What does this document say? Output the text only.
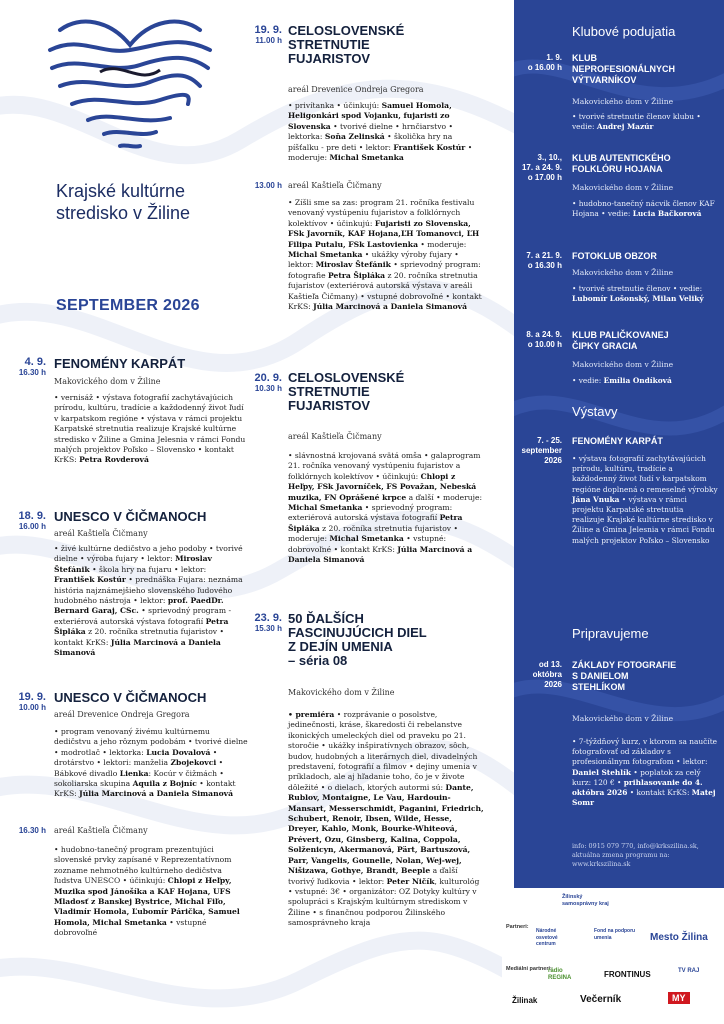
Krajské kultúrne
stredisko v Žiline
SEPTEMBER 2026
4. 9.
16.30 h
FENOMÉNY KARPÁT
Makovického dom v Žiline
• vernisáž • výstava fotografií zachytávajúcich prírodu, kultúru, tradície a každodenný život ľudí v karpatskom regióne • výstava v rámci projektu Karpatské stretnutia realizuje Krajské kultúrne stredisko v Žiline a Gmina Jelesnia v rámci Fondu malých projektov Poľsko – Slovensko • kontakt KrKS: Petra Rovderová
18. 9.
16.00 h
UNESCO V ČIČMANOCH
areál Kaštieľa Čičmany
• živé kultúrne dedičstvo a jeho podoby • tvorivé dielne • výroba fujary • lektor: Miroslav Štefánik • škola hry na fujaru • lektor: František Kostúr • prednáška Fujara: neznáma história najznámejšieho slovenského ľudového hudobného nástroja • lektor: prof. PaedDr. Bernard Garaj, CSc. • sprievodný program - exteriérová autorská výstava fotografií Petra Šipláka z 20. ročníka stretnutia fujaristov • kontakt KrKS: Júlia Marcinová a Daniela Simanová
19. 9.
10.00 h
UNESCO V ČIČMANOCH
areál Drevenice Ondreja Gregora
• program venovaný živému kultúrnemu dedičstvu a jeho rôznym podobám • tvorivé dielne • modrotlač • lektorka: Lucia Dovalová • drotárstvo • lektori: manželia Zbojekovci • Bábkové divadlo Lienka: Kocúr v čižmách • sokoliarska skupina Aquila z Bojníc • kontakt KrKS: Júlia Marcinová a Daniela Simanová
16.30 h areál Kaštieľa Čičmany
• hudobno-tanečný program prezentujúci slovenské prvky zapísané v Reprezentatívnom zozname nehmotného kultúrneho dedičstva ľudstva UNESCO • účinkujú: Chlopi z Heľpy, Muzika spod Jánošíka a KAF Hojana, UFS Mladosť z Banskej Bystrice, Michal Fiľo, Vladimír Homola, Ľubomír Párička, Samuel Homola, Michal Smetanka • vstupné dobrovoľné
19. 9.
11.00 h
CELOSLOVENSKÉ
STRETNUTIE
FUJARISTOV
areál Drevenice Ondreja Gregora
• privítanka • účinkujú: Samuel Homola, Heligonkári spod Vojanku, fujaristi zo Slovenska • tvorivé dielne • hrnčiarstvo • lektorka: Soňa Zelinská • školička hry na píšťalku - pre deti • lektor: František Kostúr • moderuje: Michal Smetanka
13.00 h areál Kaštieľa Čičmany
• Zíšli sme sa zas: program 21. ročníka festivalu venovaný vystúpeniu fujaristov a folklórnych kolektívov • účinkujú: Fujaristi zo Slovenska, FSk Javorník, KAF Hojana,ĽH Tomanovci, ĽH Filipa Putalu, FSk Lastovienka • moderuje: Michal Smetanka • ukážky výroby fujary • lektor: Miroslav Štefánik • sprievodný program: fotografie Petra Šipláka z 20. ročníka stretnutia fujaristov (exteriérová autorská výstava v areáli Kaštieľa Čičmany) • vstupné dobrovoľné • kontakt KrKS: Júlia Marcinová a Daniela Simanová
20. 9.
10.30 h
CELOSLOVENSKÉ
STRETNUTIE
FUJARISTOV
areál Kaštieľa Čičmany
• slávnostná krojovaná svätá omša • galaprogram 21. ročníka venovaný vystúpeniu fujaristov a folklórnych kolektívov • účinkujú: Chlopi z Heľpy, FSk Javorníček, FS Považan, Nebeská muzika, FN Oprášené krpce a ďalší • moderuje: Michal Smetanka • sprievodný program: exteriérová autorská výstava fotografií Petra Šipláka z 20. ročníka stretnutia fujaristov • moderuje: Michal Smetanka • vstupné: dobrovoľné • kontakt KrKS: Júlia Marcinová a Daniela Simanová
23. 9.
15.30 h
50 ĎALŠÍCH
FASCINUJÚCICH DIEL
Z DEJÍN UMENIA
– séria 08
Makovického dom v Žiline
• premiéra • rozprávanie o posolstve, jedinečnosti, kráse, škaredosti či rebelanstve ikonických umeleckých diel od praveku po 21. storočie • ukážky inšpiratívnych obrazov, sôch, budov, hudobných a literárnych diel, divadelných predstavení, fotografií a filmov • dejiny umenia v príkladoch, ale aj hľadanie toho, čo je v živote dôležité • o dielach, ktorých autormi sú: Dante, Rublov, Montaigne, Le Vau, Hardouin-Mansart, Messerschmidt, Paganini, Friedrich, Schubert, Renoir, Ibsen, Wilde, Hesse, Dreyer, Kahlo, Monk, Bourke-Whiteová, Prévert, Ozu, Ginsberg, Kalina, Coppola, Solženicyn, Akermanová, Pärt, Bartuszová, Parr, Vangelis, Gounelle, Nolan, Wej-wej, Nišizawa, Gothye, Brandt, Beeple a ďalší tvorivý ľudkovia • lektor: Peter Ničík, kulturológ • vstupné: 3€ • organizátor: OZ Dotyky kultúry v spolupráci s Krajským kultúrnym strediskom v Žiline • s finančnou podporou Žilinského samosprávneho kraja
Klubové podujatia
1. 9.
o 16.00 h
KLUB
NEPROFESIONÁLNYCH
VÝTVARNÍKOV
Makovického dom v Žiline
• tvorivé stretnutie členov klubu • vedie: Andrej Mazúr
3., 10.,
17. a 24. 9.
o 17.00 h
KLUB AUTENTICKÉHO
FOLKLÓRU HOJANA
Makovického dom v Žiline
• hudobno-tanečný nácvik členov KAF Hojana • vedie: Lucia Bačkorová
7. a 21. 9.
o 16.30 h
FOTOKLUB OBZOR
Makovického dom v Žiline
• tvorivé stretnutie členov • vedie: Lubomír Lošonský, Milan Veliký
8. a 24. 9.
o 10.00 h
KLUB PALIČKOVANEJ
ČIPKY GRACIA
Makovického dom v Žiline
• vedie: Emília Ondíková
Výstavy
7. - 25.
september
2026
FENOMÉNY KARPÁT
• výstava fotografií zachytávajúcich prírodu, kultúru, tradície a každodenný život ľudí v karpatskom regióne doplnená o remeselné výrobky Jána Vnuka • výstava v rámci projektu Karpatské stretnutia realizuje Krajské kultúrne stredisko v Žiline a Gmina Jelesnia v rámci Fondu malých projektov Poľsko – Slovensko
Pripravujeme
od 13.
októbra
2026
ZÁKLADY FOTOGRAFIE
S DANIELOM
STEHLÍKOM
Makovického dom v Žiline
• 7-týždňový kurz, v ktorom sa naučíte fotografovať od základov s profesionálnym fotografom • lektor: Daniel Stehlík • poplatok za celý kurz: 120 € • prihlasovanie do 4. októbra 2026 • kontakt KrKS: Matej Somr
info: 0915 079 770, info@krkszilina.sk,
aktuálna zmena programu na:
www.krkszilina.sk
Partneri:
Mediálni partneri:
Žilinský samosprávny kraj
Národné osvetové centrum
Fond na podporu umenia	Mesto Žilina
rádio REGINA	FRONTINUS	TV RAJ
Žilinak	Večerník	MY
